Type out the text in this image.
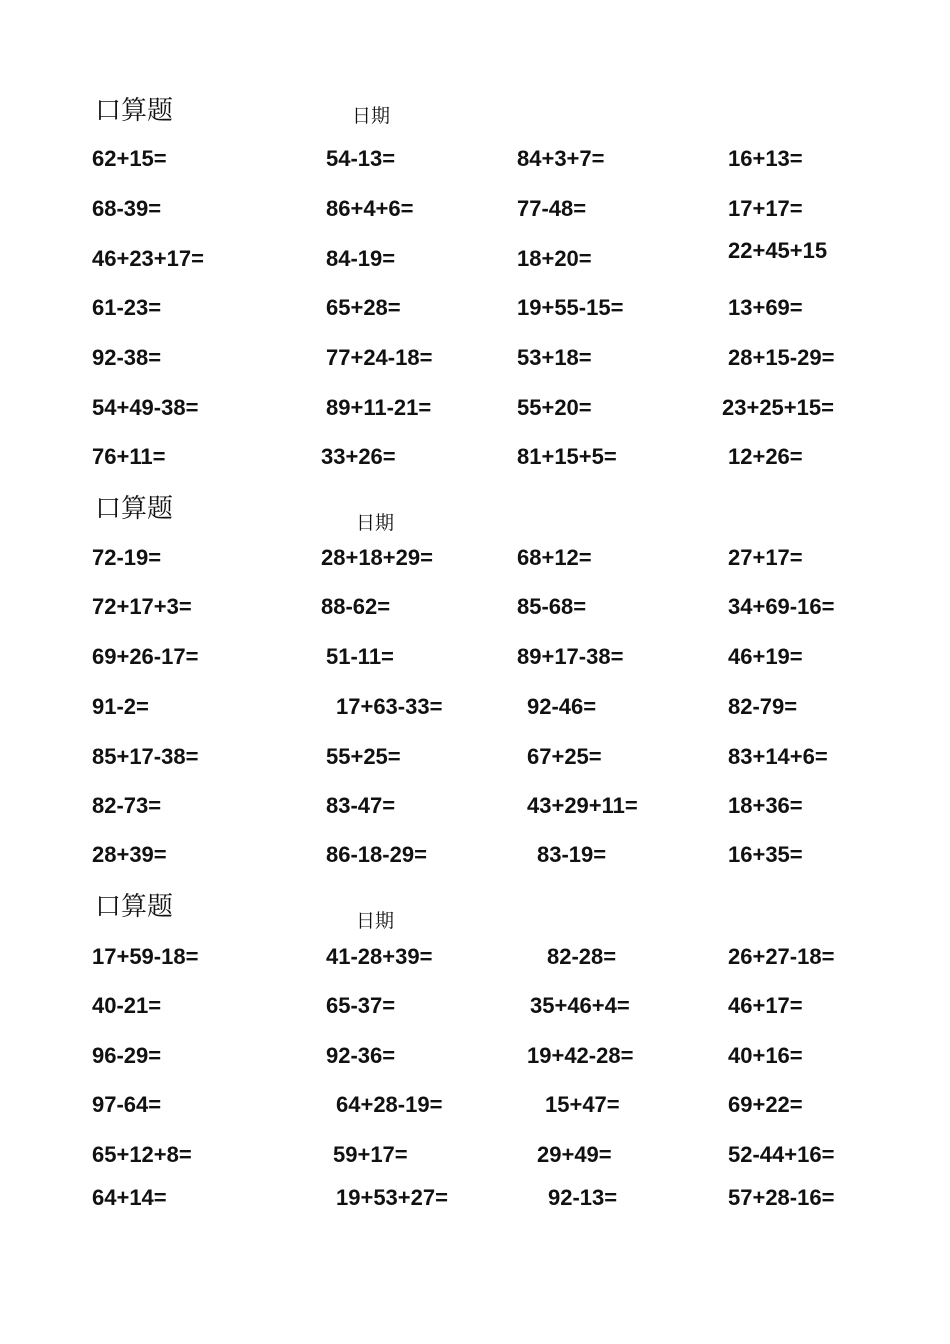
口算题	日期
62+15=	54-13=	84+3+7=	16+13=
68-39=	86+4+6=	77-48=	17+17=
46+23+17=	84-19=	18+20=	22+45+15
61-23=	65+28=	19+55-15=	13+69=
92-38=	77+24-18=	53+18=	28+15-29=
54+49-38=	89+11-21=	55+20=	23+25+15=
76+11=	33+26=	81+15+5=	12+26=
口算题	日期
72-19=	28+18+29=	68+12=	27+17=
72+17+3=	88-62=	85-68=	34+69-16=
69+26-17=	51-11=	89+17-38=	46+19=
91-2=	17+63-33=	92-46=	82-79=
85+17-38=	55+25=	67+25=	83+14+6=
82-73=	83-47=	43+29+11=	18+36=
28+39=	86-18-29=	83-19=	16+35=
口算题	日期
17+59-18=	41-28+39=	82-28=	26+27-18=
40-21=	65-37=	35+46+4=	46+17=
96-29=	92-36=	19+42-28=	40+16=
97-64=	64+28-19=	15+47=	69+22=
65+12+8=	59+17=	29+49=	52-44+16=
64+14=	19+53+27=	92-13=	57+28-16=
